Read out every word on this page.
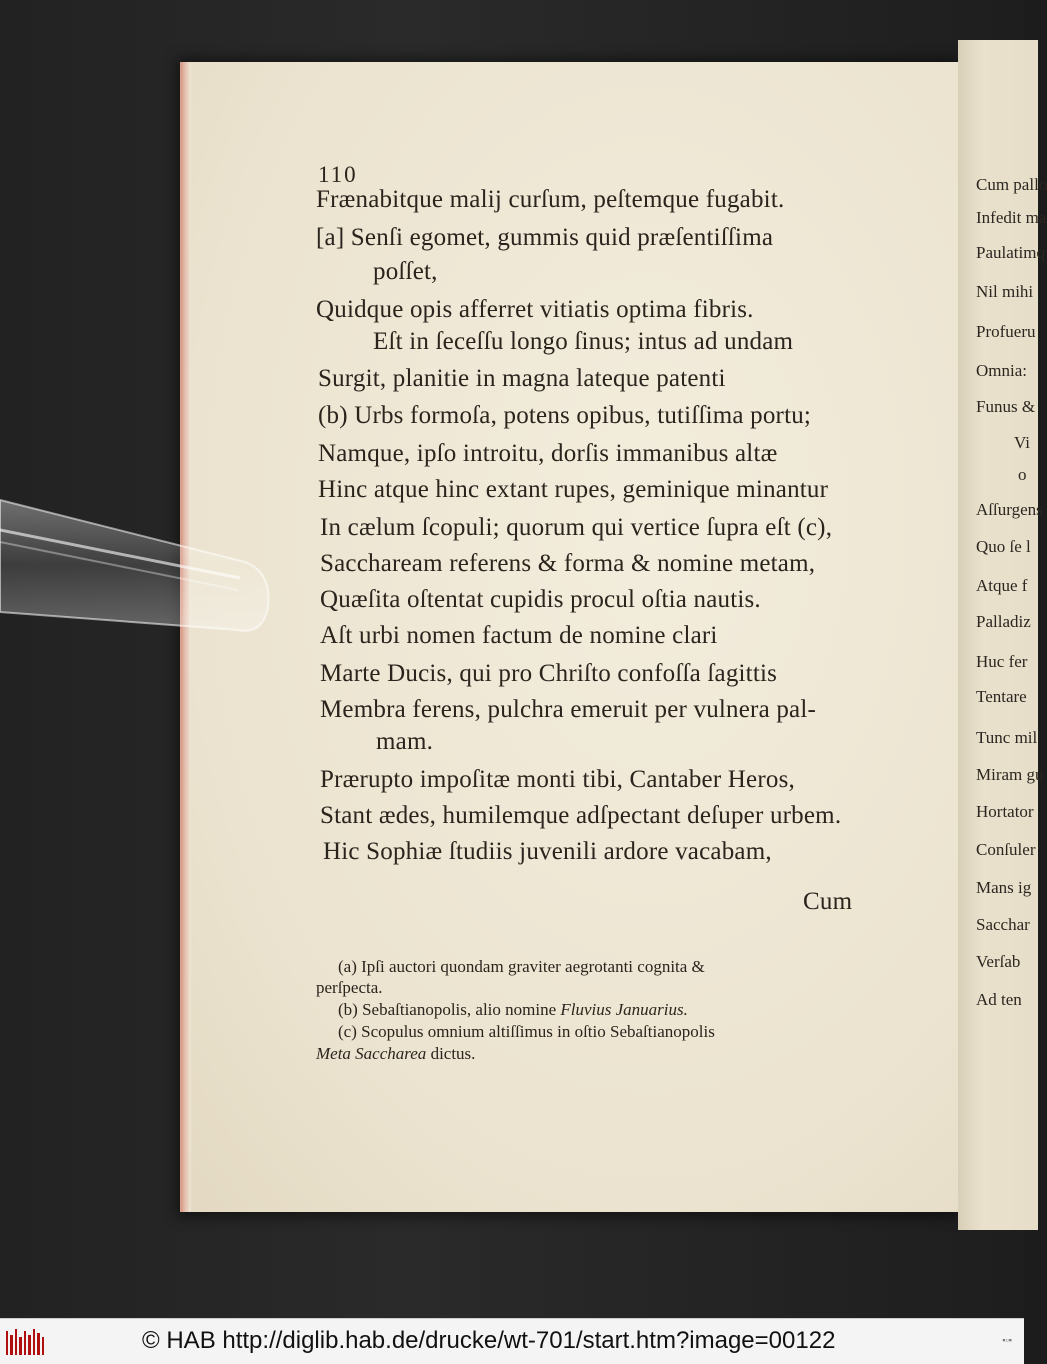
Cum pallo
Infedit ma
Paulatimq
Nil mihi
Profueru
Omnia:
Funus &
Vi
o
Aſſurgens
Quo ſe l
Atque f
Palladiz
Huc fer
Tentare
Tunc mil
Miram gu
Hortator
Conſuler
Mans ig
Sacchar
Verſab
Ad ten
110
Frænabitque malij curſum, peſtemque fugabit.
[a] Senſi egomet, gummis quid præſentiſſima
poſſet,
Quidque opis afferret vitiatis optima fibris.
Eſt in ſeceſſu longo ſinus; intus ad undam
Surgit, planitie in magna lateque patenti
(b) Urbs formoſa, potens opibus, tutiſſima portu;
Namque, ipſo introitu, dorſis immanibus altæ
Hinc atque hinc extant rupes, geminique minantur
In cælum ſcopuli; quorum qui vertice ſupra eſt (c),
Sacchaream referens & forma & nomine metam,
Quæſita oſtentat cupidis procul oſtia nautis.
Aſt urbi nomen factum de nomine clari
Marte Ducis, qui pro Chriſto confoſſa ſagittis
Membra ferens, pulchra emeruit per vulnera pal-
mam.
Prærupto impoſitæ monti tibi, Cantaber Heros,
Stant ædes, humilemque adſpectant deſuper urbem.
Hic Sophiæ ſtudiis juvenili ardore vacabam,
Cum
(a) Ipſi auctori quondam graviter aegrotanti cognita &
perſpecta.
(b) Sebaſtianopolis, alio nomine Fluvius Januarius.
(c) Scopulus omnium altiſſimus in oſtio Sebaſtianopolis
Meta Saccharea dictus.
© HAB http://diglib.hab.de/drucke/wt-701/start.htm?image=00122	▪▫▪
